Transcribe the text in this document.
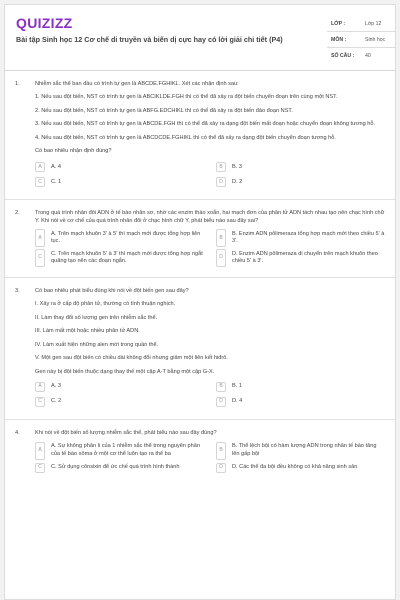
QUIZIZZ
Bài tập Sinh học 12 Cơ chế di truyền và biến dị cực hay có lời giải chi tiết (P4)
LỚP :	Lớp 12
MÔN :	Sinh học
SỐ CÂU : 40
1.	Nhiễm sắc thể ban đầu có trình tự gen là ABCDE.FGHIKL. Xét các nhận định sau:

1. Nếu sau đột biến, NST có trình tự gen là ABCIKLDE.FGH thì có thể đã xảy ra đột biến chuyển đoạn trên cùng một NST.

2. Nếu sau đột biến, NST có trình tự gen là ABFG.EDCHIKL thì có thể đã xảy ra đột biến đảo đoạn NST.

3. Nếu sau đột biến, NST có trình tự gen là ABCDE.FGH thì có thể đã xảy ra dạng đột biến mất đoạn hoặc chuyển đoạn không tương hỗ.

4. Nếu sau đột biến, NST có trình tự gen là ABCDCDE.FGHIKL thì có thể đã xảy ra dạng đột biến chuyển đoạn tương hỗ.

Có bao nhiêu nhận định đúng?

A	A. 4	B	B. 3
C	C. 1	D	D. 2
2.	Trong quá trình nhân đôi ADN ở tế bào nhân sơ, nhờ các enzim tháo xoắn, hai mạch đơn của phân tử ADN tách nhau tạo nên chạc hình chữ Y. Khi nói về cơ chế của quá trình nhân đôi ở chạc hình chữ Y, phát biểu nào sau đây sai?

A
A. Trên mạch khuôn 3' à 5' thì mạch mới được tổng hợp liên tục.
B
B. Enzim ADN pôlimeraza tổng hợp mạch mới theo chiều 5' à 3'.
C
C. Trên mạch khuôn 5' à 3' thì mạch mới được tổng hợp ngắt quãng tạo nên các đoạn ngắn.
D
D. Enzim ADN pôlimeraza di chuyển trên mạch khuôn theo chiều 5' à 3'.
3.	Có bao nhiêu phát biểu đúng khi nói về đột biến gen sau đây?

I. Xảy ra ở cấp độ phân tử, thường có tính thuận nghịch.

II. Làm thay đổi số lượng gen trên nhiễm sắc thể.

III. Làm mất một hoặc nhiều phân tử ADN.

IV. Làm xuất hiện những alen mới trong quần thể.

V. Một gen sau đột biến có chiều dài không đổi nhưng giảm một liên kết hiđrô.

Gen này bị đột biến thuộc dạng thay thế một cặp A-T bằng một cặp G-X.

A	A. 3	B	B. 1
C	C. 2	D	D. 4
4.	Khi nói về đột biến số lượng nhiễm sắc thể, phát biểu nào sau đây đúng?

A
A. Sự không phân li của 1 nhiễm sắc thể trong nguyên phân của tế bào xôma ở một cơ thể luôn tạo ra thể ba
B
B. Thể lệch bội có hàm lượng ADN trong nhân tế bào tăng lên gấp bội
C	C. Sử dụng cônsixin để ức chế quá trình hình thành	D	D. Các thể đa bội đều không có khả năng sinh sản
